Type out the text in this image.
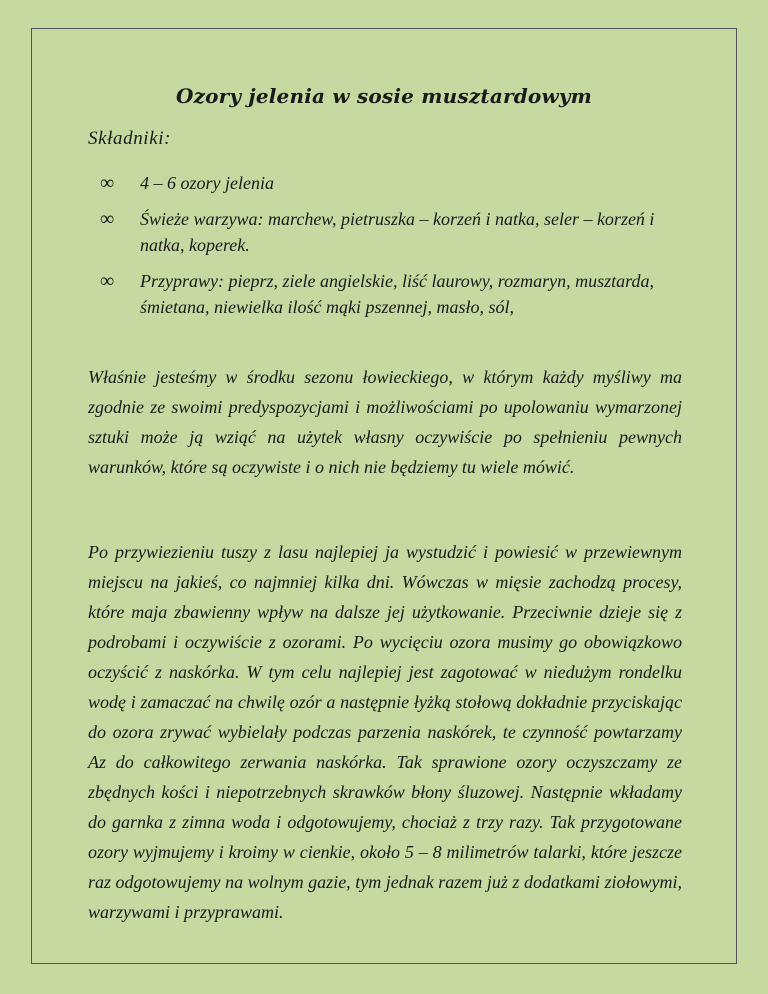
Ozory jelenia w sosie musztardowym
Składniki:
∞ 4 – 6 ozory jelenia
∞ Świeże warzywa: marchew, pietruszka – korzeń i natka, seler – korzeń i natka, koperek.
∞ Przyprawy: pieprz, ziele angielskie, liść laurowy, rozmaryn, musztarda, śmietana, niewielka ilość mąki pszennej, masło, sól,

Właśnie jesteśmy w środku sezonu łowieckiego, w którym każdy myśliwy ma zgodnie ze swoimi predyspozycjami i możliwościami po upolowaniu wymarzonej sztuki może ją wziąć na użytek własny oczywiście po spełnieniu pewnych warunków, które są oczywiste i o nich nie będziemy tu wiele mówić.

Po przywiezieniu tuszy z lasu najlepiej ja wystudzić i powiesić w przewiewnym miejscu na jakieś, co najmniej kilka dni. Wówczas w mięsie zachodzą procesy, które maja zbawienny wpływ na dalsze jej użytkowanie. Przeciwnie dzieje się z podrobami i oczywiście z ozorami. Po wycięciu ozora musimy go obowiązkowo oczyścić z naskórka. W tym celu najlepiej jest zagotować w niedużym rondelku wodę i zamaczać na chwilę ozór a następnie łyżką stołową dokładnie przyciskając do ozora zrywać wybielały podczas parzenia naskórek, te czynność powtarzamy Az do całkowitego zerwania naskórka. Tak sprawione ozory oczyszczamy ze zbędnych kości i niepotrzebnych skrawków błony śluzowej. Następnie wkładamy do garnka z zimna woda i odgotowujemy, chociaż z trzy razy. Tak przygotowane ozory wyjmujemy i kroimy w cienkie, około 5 – 8 milimetrów talarki, które jeszcze raz odgotowujemy na wolnym gazie, tym jednak razem już z dodatkami ziołowymi, warzywami i przyprawami.
